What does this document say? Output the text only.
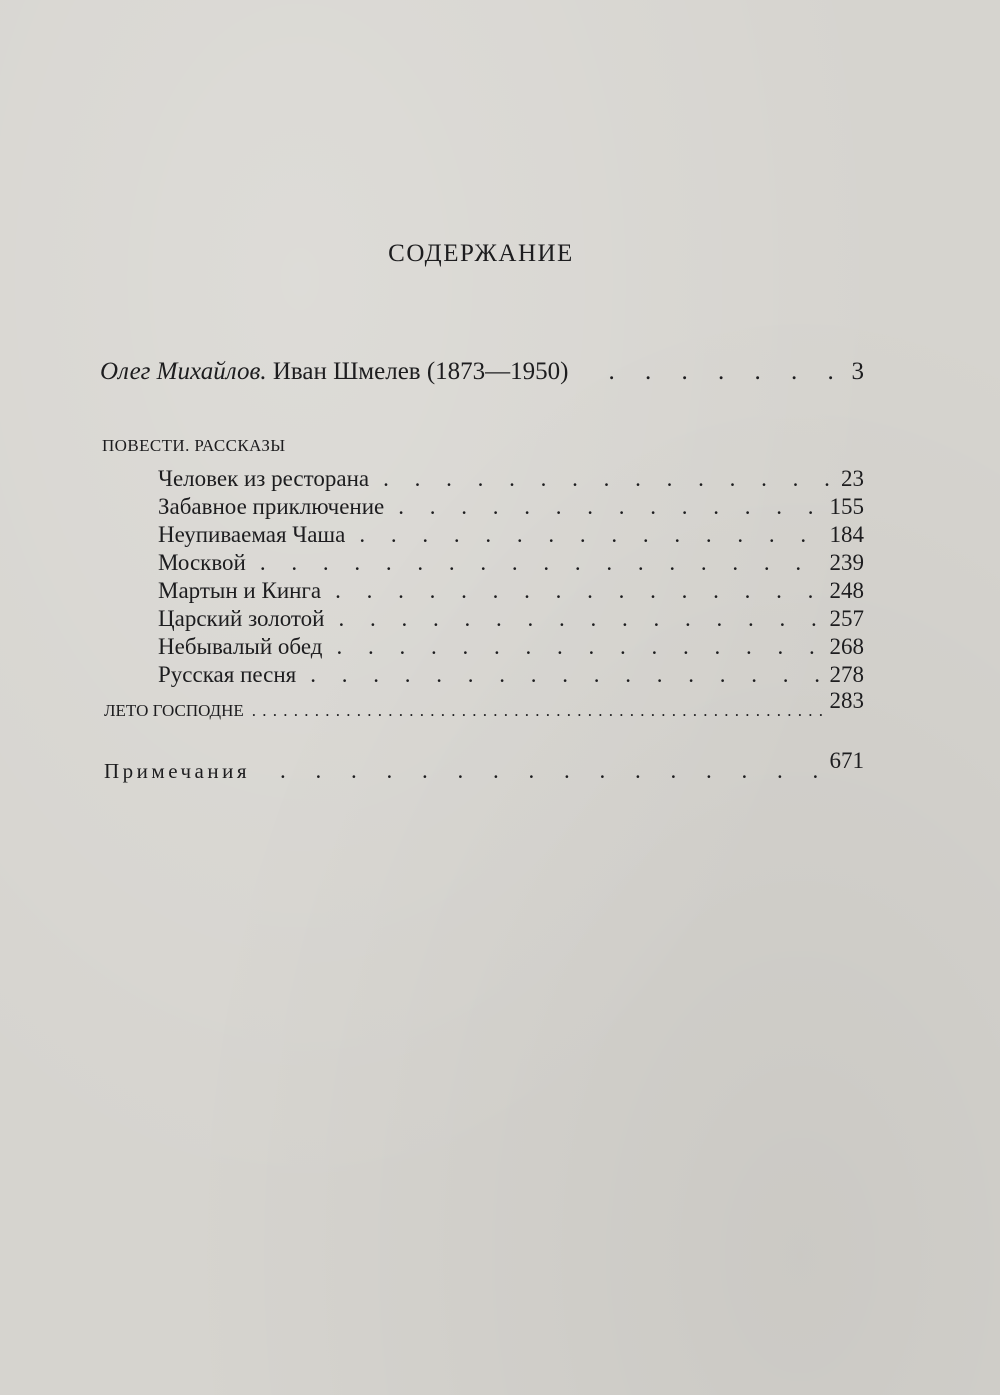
СОДЕРЖАНИЕ
Олег Михайлов. Иван Шмелев (1873—1950) . . .	3
ПОВЕСТИ. РАССКАЗЫ
Человек из ресторана . . .	23
Забавное приключение . . .	155
Неупиваемая Чаша . . .	184
Москвой . . .	239
Мартын и Кинга . . .	248
Царский золотой . . .	257
Небывалый обед . . .	268
Русская песня . . .	278
ЛЕТО ГОСПОДНЕ . . .	283
Примечания . . .	671
